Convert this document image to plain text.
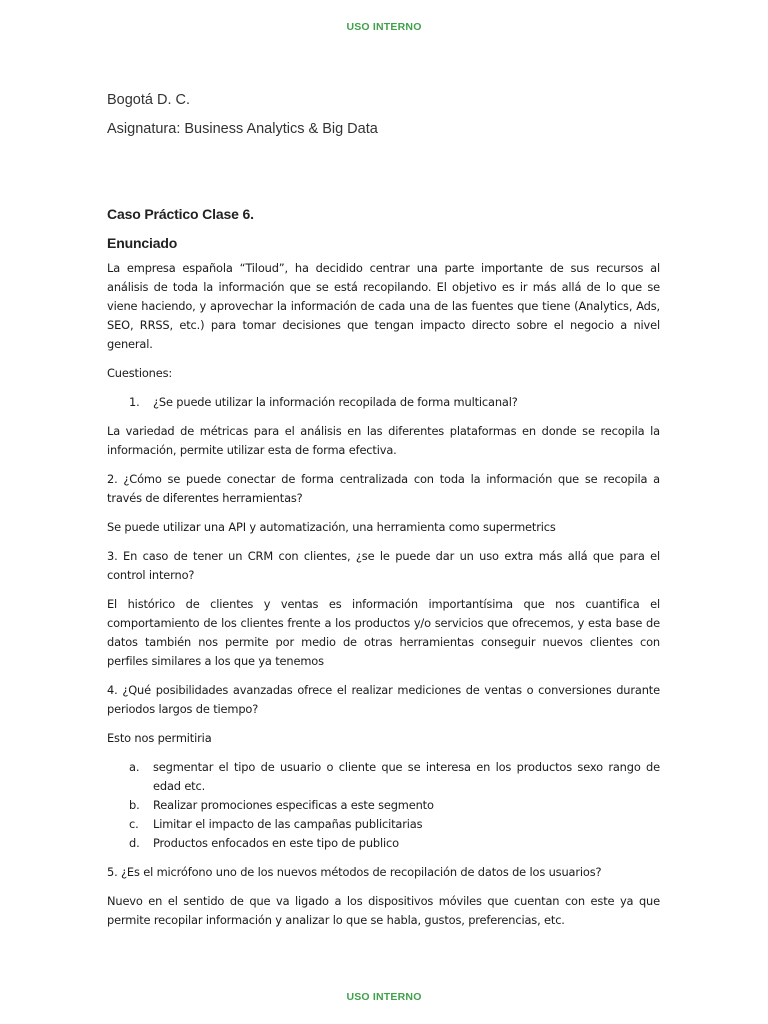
USO INTERNO
Bogotá D. C.
Asignatura: Business Analytics & Big Data
Caso Práctico Clase 6.
Enunciado

La empresa española “Tiloud”, ha decidido centrar una parte importante de sus recursos al análisis de toda la información que se está recopilando. El objetivo es ir más allá de lo que se viene haciendo, y aprovechar la información de cada una de las fuentes que tiene (Analytics, Ads, SEO, RRSS, etc.) para tomar decisiones que tengan impacto directo sobre el negocio a nivel general.

Cuestiones:

1.	¿Se puede utilizar la información recopilada de forma multicanal?

La variedad de métricas para el análisis en las diferentes plataformas en donde se recopila la información, permite utilizar esta de forma efectiva.

2. ¿Cómo se puede conectar de forma centralizada con toda la información que se recopila a través de diferentes herramientas?

Se puede utilizar una API y automatización, una herramienta como supermetrics

3. En caso de tener un CRM con clientes, ¿se le puede dar un uso extra más allá que para el control interno?

El histórico de clientes y ventas es información importantísima que nos cuantifica el comportamiento de los clientes frente a los productos y/o servicios que ofrecemos, y esta base de datos también nos permite por medio de otras herramientas conseguir nuevos clientes con perfiles similares a los que ya tenemos

4. ¿Qué posibilidades avanzadas ofrece el realizar mediciones de ventas o conversiones durante periodos largos de tiempo?

Esto nos permitiria

a.	segmentar el tipo de usuario o cliente que se interesa en los productos sexo rango de edad etc.
b.	Realizar promociones especificas a este segmento
c.	Limitar el impacto de las campañas publicitarias
d.	Productos enfocados en este tipo de publico

5. ¿Es el micrófono uno de los nuevos métodos de recopilación de datos de los usuarios?

Nuevo en el sentido de que va ligado a los dispositivos móviles que cuentan con este ya que permite recopilar información y analizar lo que se habla, gustos, preferencias, etc.

USO INTERNO
